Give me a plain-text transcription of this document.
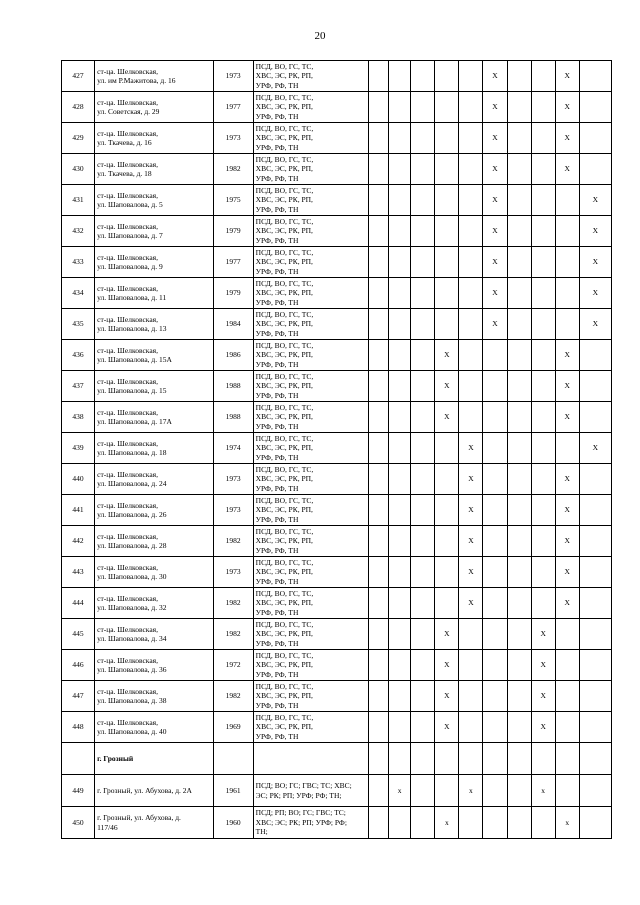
20
427	ст-ца. Шелковская,
ул. им Р.Мажитова, д. 16	1973	ПСД, ВО, ГС, ТС,
ХВС, ЭС, РК, РП,
УРФ, РФ, ТН						X			X	
428	ст-ца. Шелковская,
ул. Советская, д. 29	1977	ПСД, ВО, ГС, ТС,
ХВС, ЭС, РК, РП,
УРФ, РФ, ТН						X			X	
429	ст-ца. Шелковская,
ул. Ткачева, д. 16	1973	ПСД, ВО, ГС, ТС,
ХВС, ЭС, РК, РП,
УРФ, РФ, ТН						X			X	
430	ст-ца. Шелковская,
ул. Ткачева, д. 18	1982	ПСД, ВО, ГС, ТС,
ХВС, ЭС, РК, РП,
УРФ, РФ, ТН						X			X	
431	ст-ца. Шелковская,
ул. Шаповалова, д. 5	1975	ПСД, ВО, ГС, ТС,
ХВС, ЭС, РК, РП,
УРФ, РФ, ТН						X				X
432	ст-ца. Шелковская,
ул. Шаповалова, д. 7	1979	ПСД, ВО, ГС, ТС,
ХВС, ЭС, РК, РП,
УРФ, РФ, ТН						X				X
433	ст-ца. Шелковская,
ул. Шаповалова, д. 9	1977	ПСД, ВО, ГС, ТС,
ХВС, ЭС, РК, РП,
УРФ, РФ, ТН						X				X
434	ст-ца. Шелковская,
ул. Шаповалова, д. 11	1979	ПСД, ВО, ГС, ТС,
ХВС, ЭС, РК, РП,
УРФ, РФ, ТН						X				X
435	ст-ца. Шелковская,
ул. Шаповалова, д. 13	1984	ПСД, ВО, ГС, ТС,
ХВС, ЭС, РК, РП,
УРФ, РФ, ТН						X				X
436	ст-ца. Шелковская,
ул. Шаповалова, д. 15А	1986	ПСД, ВО, ГС, ТС,
ХВС, ЭС, РК, РП,
УРФ, РФ, ТН				X					X	
437	ст-ца. Шелковская,
ул. Шаповалова, д. 15	1988	ПСД, ВО, ГС, ТС,
ХВС, ЭС, РК, РП,
УРФ, РФ, ТН				X					X	
438	ст-ца. Шелковская,
ул. Шаповалова, д. 17А	1988	ПСД, ВО, ГС, ТС,
ХВС, ЭС, РК, РП,
УРФ, РФ, ТН				X					X	
439	ст-ца. Шелковская,
ул. Шаповалова, д. 18	1974	ПСД, ВО, ГС, ТС,
ХВС, ЭС, РК, РП,
УРФ, РФ, ТН					X					X
440	ст-ца. Шелковская,
ул. Шаповалова, д. 24	1973	ПСД, ВО, ГС, ТС,
ХВС, ЭС, РК, РП,
УРФ, РФ, ТН					X				X	
441	ст-ца. Шелковская,
ул. Шаповалова, д. 26	1973	ПСД, ВО, ГС, ТС,
ХВС, ЭС, РК, РП,
УРФ, РФ, ТН					X				X	
442	ст-ца. Шелковская,
ул. Шаповалова, д. 28	1982	ПСД, ВО, ГС, ТС,
ХВС, ЭС, РК, РП,
УРФ, РФ, ТН					X				X	
443	ст-ца. Шелковская,
ул. Шаповалова, д. 30	1973	ПСД, ВО, ГС, ТС,
ХВС, ЭС, РК, РП,
УРФ, РФ, ТН					X				X	
444	ст-ца. Шелковская,
ул. Шаповалова, д. 32	1982	ПСД, ВО, ГС, ТС,
ХВС, ЭС, РК, РП,
УРФ, РФ, ТН					X				X	
445	ст-ца. Шелковская,
ул. Шаповалова, д. 34	1982	ПСД, ВО, ГС, ТС,
ХВС, ЭС, РК, РП,
УРФ, РФ, ТН				X				X		
446	ст-ца. Шелковская,
ул. Шаповалова, д. 36	1972	ПСД, ВО, ГС, ТС,
ХВС, ЭС, РК, РП,
УРФ, РФ, ТН				X				X		
447	ст-ца. Шелковская,
ул. Шаповалова, д. 38	1982	ПСД, ВО, ГС, ТС,
ХВС, ЭС, РК, РП,
УРФ, РФ, ТН				X				X		
448	ст-ца. Шелковская,
ул. Шаповалова, д. 40	1969	ПСД, ВО, ГС, ТС,
ХВС, ЭС, РК, РП,
УРФ, РФ, ТН				X				X		
	г. Грозный												
449	г. Грозный, ул. Абухова, д. 2А	1961	ПСД; ВО; ГС; ГВС; ТС; ХВС;
ЭС; РК; РП; УРФ; РФ; ТН;		x			x			x		
450	г. Грозный, ул. Абухова, д.
117/46	1960	ПСД; РП; ВО; ГС; ГВС; ТС;
ХВС; ЭС; РК; РП; УРФ; РФ;
ТН;				x					x	
